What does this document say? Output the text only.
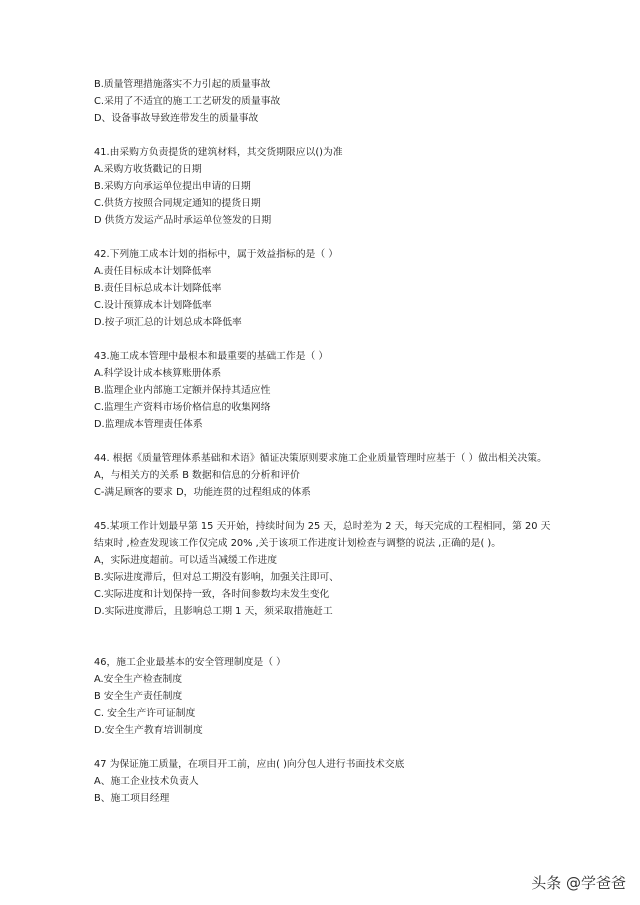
B.质量管理措施落实不力引起的质量事故
C.采用了不适宜的施工工艺研发的质量事故
D、设备事故导致连带发生的质量事故
41.由采购方负责提货的建筑材料，其交货期限应以()为准
A.采购方收货戳记的日期
B.采购方向承运单位提出申请的日期
C.供货方按照合同规定通知的提货日期
D 供货方发运产品时承运单位签发的日期
42.下列施工成本计划的指标中，属于效益指标的是（ ）
A.责任目标成本计划降低率
B.责任目标总成本计划降低率
C.设计预算成本计划降低率
D.按子项汇总的计划总成本降低率
43.施工成本管理中最根本和最重要的基础工作是（ ）
A.科学设计成本核算账册体系
B.监理企业内部施工定额并保持其适应性
C.监理生产资料市场价格信息的收集网络
D.监理成本管理责任体系
44. 根据《质量管理体系基础和术语》循证决策原则要求施工企业质量管理时应基于（ ）做出相关决策。
A，与相关方的关系 B 数据和信息的分析和评价
C-满足顾客的要求 D，功能连贯的过程组成的体系
45.某项工作计划最早第 15 天开始，持续时间为 25 天，总时差为 2 天，每天完成的工程相同，第 20 天结束时 ,检查发现该工作仅完成 20% ,关于该项工作进度计划检查与调整的说法 ,正确的是( )。
A，实际进度超前。可以适当减缓工作进度
B.实际进度滞后，但对总工期没有影响，加强关注即可、
C.实际进度和计划保持一致，各时间参数均未发生变化
D.实际进度滞后，且影响总工期 1 天，须采取措施赶工
46，施工企业最基本的安全管理制度是（ ）
A.安全生产检查制度
B 安全生产责任制度
C. 安全生产许可证制度
D.安全生产教育培训制度
47 为保证施工质量，在项目开工前，应由( )向分包人进行书面技术交底
A、施工企业技术负责人
B、施工项目经理
头条 @学爸爸
